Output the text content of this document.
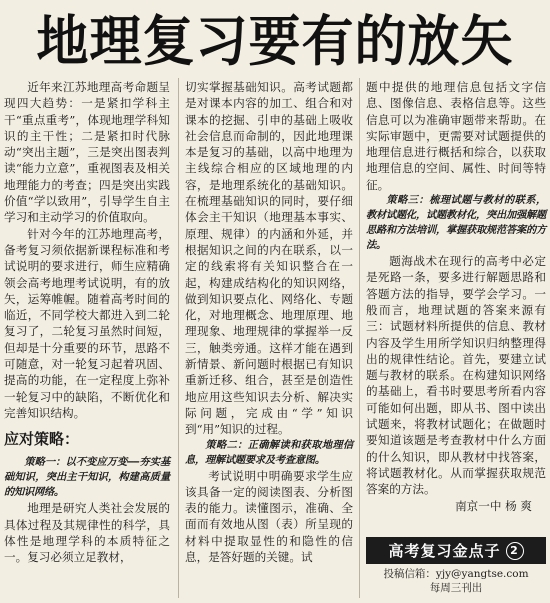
地理复习要有的放矢

近年来江苏地理高考命题呈现四大趋势：一是紧扣学科主干“重点重考”，体现地理学科知识的主干性；二是紧扣时代脉动“突出主题”，三是突出图表判读“能力立意”，重视图表及相关地理能力的考查；四是突出实践价值“学以致用”，引导学生自主学习和主动学习的价值取向。

针对今年的江苏地理高考，备考复习须依据新课程标准和考试说明的要求进行，师生应精确领会高考地理考试说明，有的放矢，运筹帷幄。随着高考时间的临近，不同学校大都进入到二轮复习了，二轮复习虽然时间短，但却是十分重要的环节，思路不可随意，对一轮复习起着巩固、提高的功能，在一定程度上弥补一轮复习中的缺陷，不断优化和完善知识结构。

应对策略：

策略一：以不变应万变——夯实基础知识，突出主干知识，构建高质量的知识网络。

地理是研究人类社会发展的具体过程及其规律性的科学，具体性是地理学科的本质特征之一。复习必须立足教材，

切实掌握基础知识。高考试题都是对课本内容的加工、组合和对课本的挖掘、引申的基础上吸收社会信息而命制的，因此地理课本是复习的基础，以高中地理为主线综合相应的区域地理的内容，是地理系统化的基础知识。在梳理基础知识的同时，要仔细体会主干知识（地理基本事实、原理、规律）的内涵和外延，并根据知识之间的内在联系，以一定的线索将有关知识整合在一起，构建成结构化的知识网络，做到知识要点化、网络化、专题化，对地理概念、地理原理、地理现象、地理规律的掌握举一反三，触类旁通。这样才能在遇到新情景、新问题时根据已有知识重新迁移、组合，甚至是创造性地应用这些知识去分析、解决实际问题，完成由“学”知识到“用”知识的过程。

策略二：正确解读和获取地理信息，理解试题要求及考查意图。

考试说明中明确要求学生应该具备一定的阅读图表、分析图表的能力。读懂图示，准确、全面而有效地从图（表）所呈现的材料中提取显性的和隐性的信息，是答好题的关键。试

题中提供的地理信息包括文字信息、图像信息、表格信息等。这些信息可以为准确审题带来帮助。在实际审题中，更需要对试题提供的地理信息进行概括和综合，以获取地理信息的空间、属性、时间等特征。

策略三：梳理试题与教材的联系，教材试题化，试题教材化，突出加强解题思路和方法培训，掌握获取规范答案的方法。

题海战术在现行的高考中必定是死路一条，要多进行解题思路和答题方法的指导，要学会学习。一般而言，地理试题的答案来源有三：试题材料所提供的信息、教材内容及学生用所学知识归纳整理得出的规律性结论。首先，要建立试题与教材的联系。在构建知识网络的基础上，看书时要思考所看内容可能如何出题，即从书、图中读出试题来，将教材试题化；在做题时要知道该题是考查教材中什么方面的什么知识，即从教材中找答案，将试题教材化。从而掌握获取规范答案的方法。

南京一中 杨 爽

高考复习金点子 2
投稿信箱：yjy@yangtse.com
每周三刊出
